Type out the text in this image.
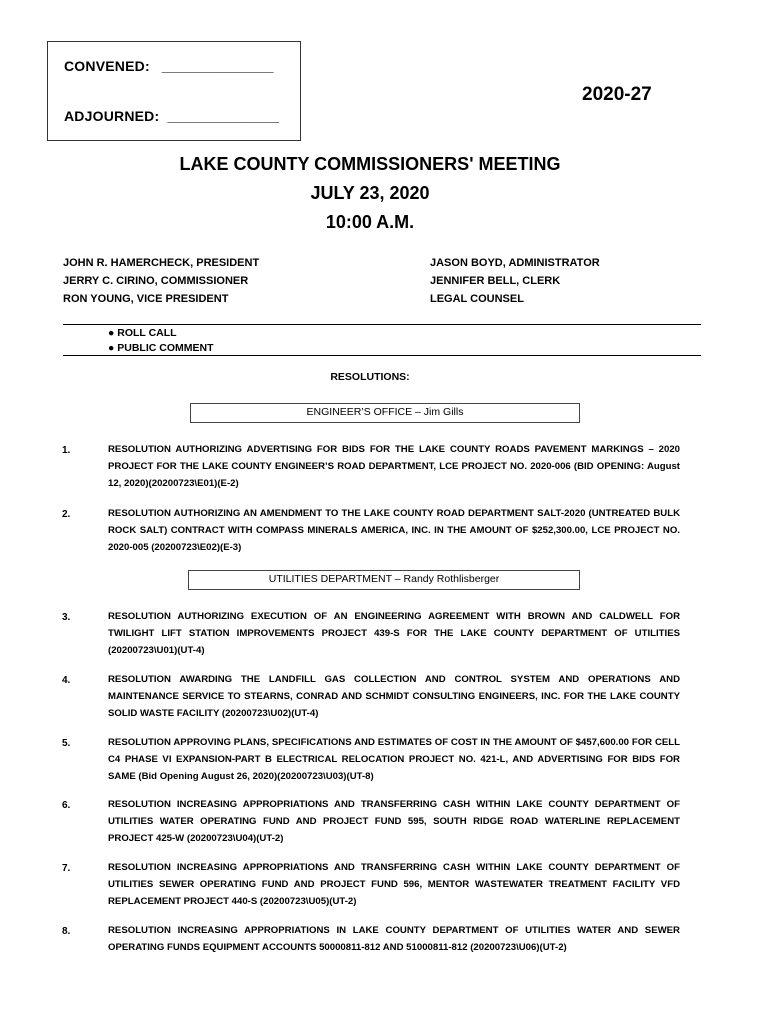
CONVENED: ______________
ADJOURNED: ______________
2020-27
LAKE COUNTY COMMISSIONERS' MEETING
JULY 23, 2020
10:00 A.M.
JOHN R. HAMERCHECK, PRESIDENT
JERRY C. CIRINO, COMMISSIONER
RON YOUNG, VICE PRESIDENT
JASON BOYD, ADMINISTRATOR
JENNIFER BELL, CLERK
LEGAL COUNSEL
● ROLL CALL
● PUBLIC COMMENT
RESOLUTIONS:
ENGINEER’S OFFICE – Jim Gills
1.	RESOLUTION AUTHORIZING ADVERTISING FOR BIDS FOR THE LAKE COUNTY ROADS PAVEMENT MARKINGS – 2020 PROJECT FOR THE LAKE COUNTY ENGINEER’S ROAD DEPARTMENT, LCE PROJECT NO. 2020-006 (BID OPENING: August 12, 2020)(20200723\E01)(E-2)
2.	RESOLUTION AUTHORIZING AN AMENDMENT TO THE LAKE COUNTY ROAD DEPARTMENT SALT-2020 (UNTREATED BULK ROCK SALT) CONTRACT WITH COMPASS MINERALS AMERICA, INC. IN THE AMOUNT OF $252,300.00, LCE PROJECT NO. 2020-005 (20200723\E02)(E-3)
UTILITIES DEPARTMENT – Randy Rothlisberger
3.	RESOLUTION AUTHORIZING EXECUTION OF AN ENGINEERING AGREEMENT WITH BROWN AND CALDWELL FOR TWILIGHT LIFT STATION IMPROVEMENTS PROJECT 439-S FOR THE LAKE COUNTY DEPARTMENT OF UTILITIES (20200723\U01)(UT-4)
4.	RESOLUTION AWARDING THE LANDFILL GAS COLLECTION AND CONTROL SYSTEM AND OPERATIONS AND MAINTENANCE SERVICE TO STEARNS, CONRAD AND SCHMIDT CONSULTING ENGINEERS, INC. FOR THE LAKE COUNTY SOLID WASTE FACILITY (20200723\U02)(UT-4)
5.	RESOLUTION APPROVING PLANS, SPECIFICATIONS AND ESTIMATES OF COST IN THE AMOUNT OF $457,600.00 FOR CELL C4 PHASE VI EXPANSION-PART B ELECTRICAL RELOCATION PROJECT NO. 421-L, AND ADVERTISING FOR BIDS FOR SAME (Bid Opening August 26, 2020)(20200723\U03)(UT-8)
6.	RESOLUTION INCREASING APPROPRIATIONS AND TRANSFERRING CASH WITHIN LAKE COUNTY DEPARTMENT OF UTILITIES WATER OPERATING FUND AND PROJECT FUND 595, SOUTH RIDGE ROAD WATERLINE REPLACEMENT PROJECT 425-W (20200723\U04)(UT-2)
7.	RESOLUTION INCREASING APPROPRIATIONS AND TRANSFERRING CASH WITHIN LAKE COUNTY DEPARTMENT OF UTILITIES SEWER OPERATING FUND AND PROJECT FUND 596, MENTOR WASTEWATER TREATMENT FACILITY VFD REPLACEMENT PROJECT 440-S (20200723\U05)(UT-2)
8.	RESOLUTION INCREASING APPROPRIATIONS IN LAKE COUNTY DEPARTMENT OF UTILITIES WATER AND SEWER OPERATING FUNDS EQUIPMENT ACCOUNTS 50000811-812 AND 51000811-812 (20200723\U06)(UT-2)
